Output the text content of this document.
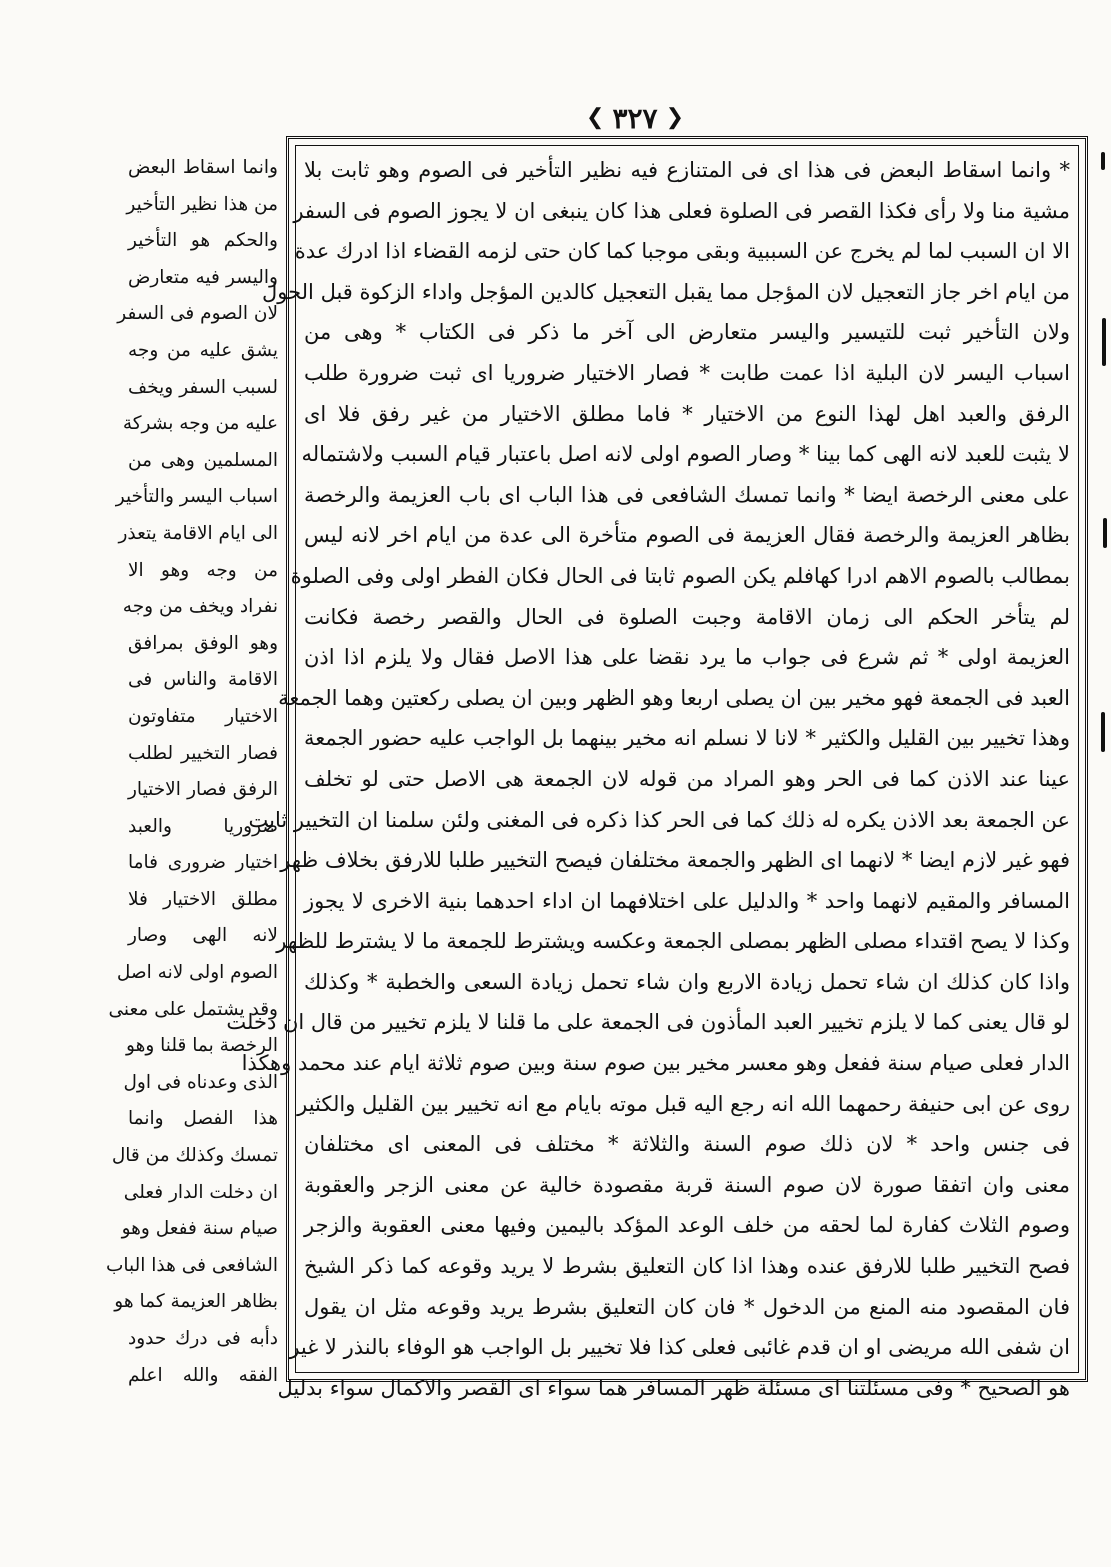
❮ ٣٢٧ ❯
* وانما اسقاط البعض فى هذا اى فى المتنازع فيه نظير التأخير فى الصوم وهو ثابت بلا
مشية منا ولا رأى فكذا القصر فى الصلوة فعلى هذا كان ينبغى ان لا يجوز الصوم فى السفر
الا ان السبب لما لم يخرج عن السببية وبقى موجبا كما كان حتى لزمه القضاء اذا ادرك عدة
من ايام اخر جاز التعجيل لان المؤجل مما يقبل التعجيل كالدين المؤجل واداء الزكوة قبل الحول
ولان التأخير ثبت للتيسير واليسر متعارض الى آخر ما ذكر فى الكتاب * وهى من
اسباب اليسر لان البلية اذا عمت طابت * فصار الاختيار ضروريا اى ثبت ضرورة طلب
الرفق والعبد اهل لهذا النوع من الاختيار * فاما مطلق الاختيار من غير رفق فلا اى
لا يثبت للعبد لانه الهى كما بينا * وصار الصوم اولى لانه اصل باعتبار قيام السبب ولاشتماله
على معنى الرخصة ايضا * وانما تمسك الشافعى فى هذا الباب اى باب العزيمة والرخصة
بظاهر العزيمة والرخصة فقال العزيمة فى الصوم متأخرة الى عدة من ايام اخر لانه ليس
بمطالب بالصوم الاهم ادرا كهافلم يكن الصوم ثابتا فى الحال فكان الفطر اولى وفى الصلوة
لم يتأخر الحكم الى زمان الاقامة وجبت الصلوة فى الحال والقصر رخصة فكانت
العزيمة اولى * ثم شرع فى جواب ما يرد نقضا على هذا الاصل فقال ولا يلزم اذا اذن
العبد فى الجمعة فهو مخير بين ان يصلى اربعا وهو الظهر وبين ان يصلى ركعتين وهما الجمعة
وهذا تخيير بين القليل والكثير * لانا لا نسلم انه مخير بينهما بل الواجب عليه حضور الجمعة
عينا عند الاذن كما فى الحر وهو المراد من قوله لان الجمعة هى الاصل حتى لو تخلف
عن الجمعة بعد الاذن يكره له ذلك كما فى الحر كذا ذكره فى المغنى ولئن سلمنا ان التخيير ثابت
فهو غير لازم ايضا * لانهما اى الظهر والجمعة مختلفان فيصح التخيير طلبا للارفق بخلاف ظهر
المسافر والمقيم لانهما واحد * والدليل على اختلافهما ان اداء احدهما بنية الاخرى لا يجوز
وكذا لا يصح اقتداء مصلى الظهر بمصلى الجمعة وعكسه ويشترط للجمعة ما لا يشترط للظهر
واذا كان كذلك ان شاء تحمل زيادة الاربع وان شاء تحمل زيادة السعى والخطبة * وكذلك
لو قال يعنى كما لا يلزم تخيير العبد المأذون فى الجمعة على ما قلنا لا يلزم تخيير من قال ان دخلت
الدار فعلى صيام سنة ففعل وهو معسر مخير بين صوم سنة وبين صوم ثلاثة ايام عند محمد وهكذا
روى عن ابى حنيفة رحمهما الله انه رجع اليه قبل موته بايام مع انه تخيير بين القليل والكثير
فى جنس واحد * لان ذلك صوم السنة والثلاثة * مختلف فى المعنى اى مختلفان
معنى وان اتفقا صورة لان صوم السنة قربة مقصودة خالية عن معنى الزجر والعقوبة
وصوم الثلاث كفارة لما لحقه من خلف الوعد المؤكد باليمين وفيها معنى العقوبة والزجر
فصح التخيير طلبا للارفق عنده وهذا اذا كان التعليق بشرط لا يريد وقوعه كما ذكر الشيخ
فان المقصود منه المنع من الدخول * فان كان التعليق بشرط يريد وقوعه مثل ان يقول
ان شفى الله مريضى او ان قدم غائبى فعلى كذا فلا تخيير بل الواجب هو الوفاء بالنذر لا غير
هو الصحيح * وفى مسئلتنا اى مسئلة ظهر المسافر هما سواء اى القصر والاكمال سواء بدليل
وانما اسقاط البعض
من هذا نظير التأخير
والحكم هو التأخير
واليسر فيه متعارض
لان الصوم فى السفر
يشق عليه من وجه
لسبب السفر ويخف
عليه من وجه بشركة
المسلمين وهى من
اسباب اليسر والتأخير
الى ايام الاقامة يتعذر
من وجه وهو الا
نفراد ويخف من وجه
وهو الوفق بمرافق
الاقامة والناس فى
الاختيار متفاوتون
فصار التخيير لطلب
الرفق فصار الاختيار
ضروريا والعبد
اختيار ضرورى فاما
مطلق الاختيار فلا
لانه الهى وصار
الصوم اولى لانه اصل
وقد يشتمل على معنى
الرخصة بما قلنا وهو
الذى وعدناه فى اول
هذا الفصل وانما
تمسك وكذلك من قال
ان دخلت الدار فعلى
صيام سنة ففعل وهو
الشافعى فى هذا الباب
بظاهر العزيمة كما هو
دأبه فى درك حدود
الفقه والله اعلم
